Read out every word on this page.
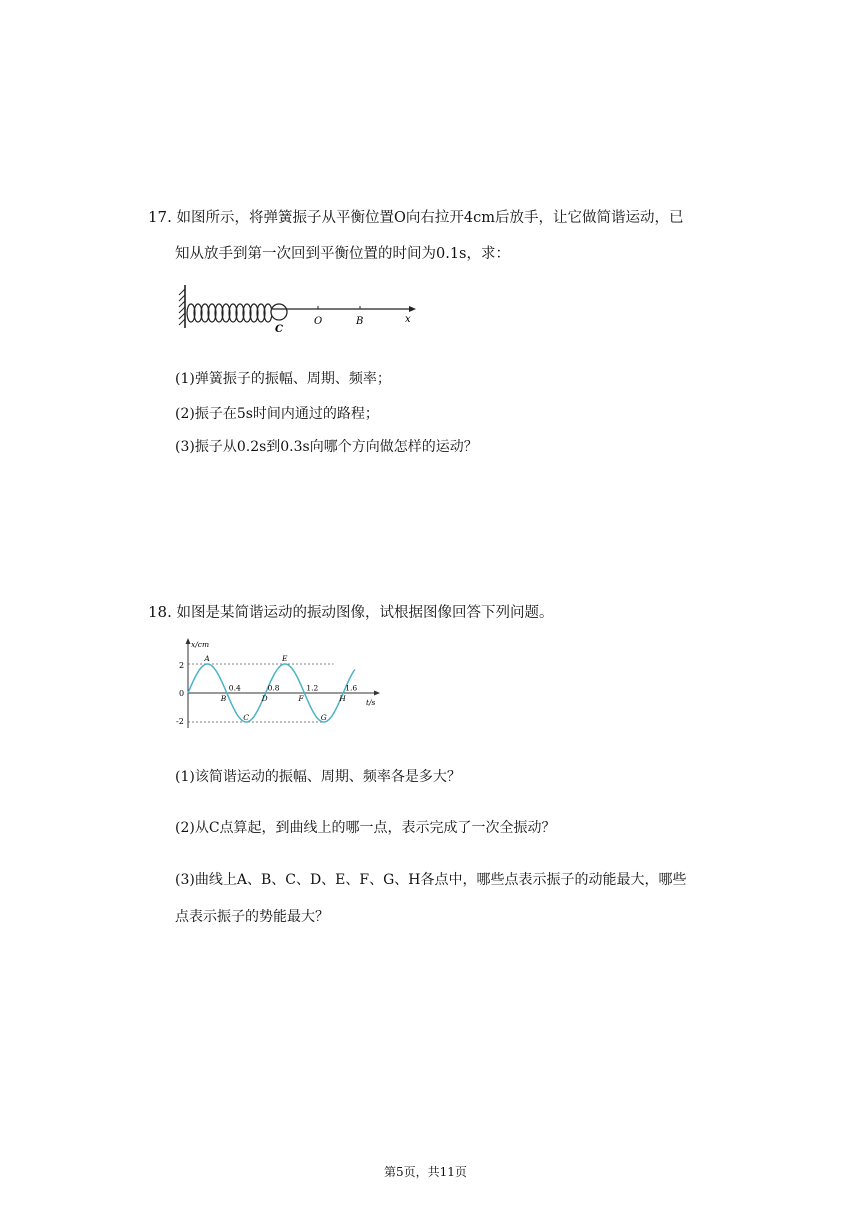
17. 如图所示，将弹簧振子从平衡位置O向右拉开4cm后放手，让它做简谐运动，已
知从放手到第一次回到平衡位置的时间为0.1s，求：
C
O	B	x
(1)弹簧振子的振幅、周期、频率；
(2)振子在5s时间内通过的路程；
(3)振子从0.2s到0.3s向哪个方向做怎样的运动？
18. 如图是某简谐运动的振动图像，试根据图像回答下列问题。
x/cm
t/s
2
0
-2
0.4	0.8	1.2	1.6
A
B
C
D
E
F
G
H
(1)该简谐运动的振幅、周期、频率各是多大？
(2)从C点算起，到曲线上的哪一点，表示完成了一次全振动？
(3)曲线上A、B、C、D、E、F、G、H各点中，哪些点表示振子的动能最大，哪些
点表示振子的势能最大？
第5页，共11页
